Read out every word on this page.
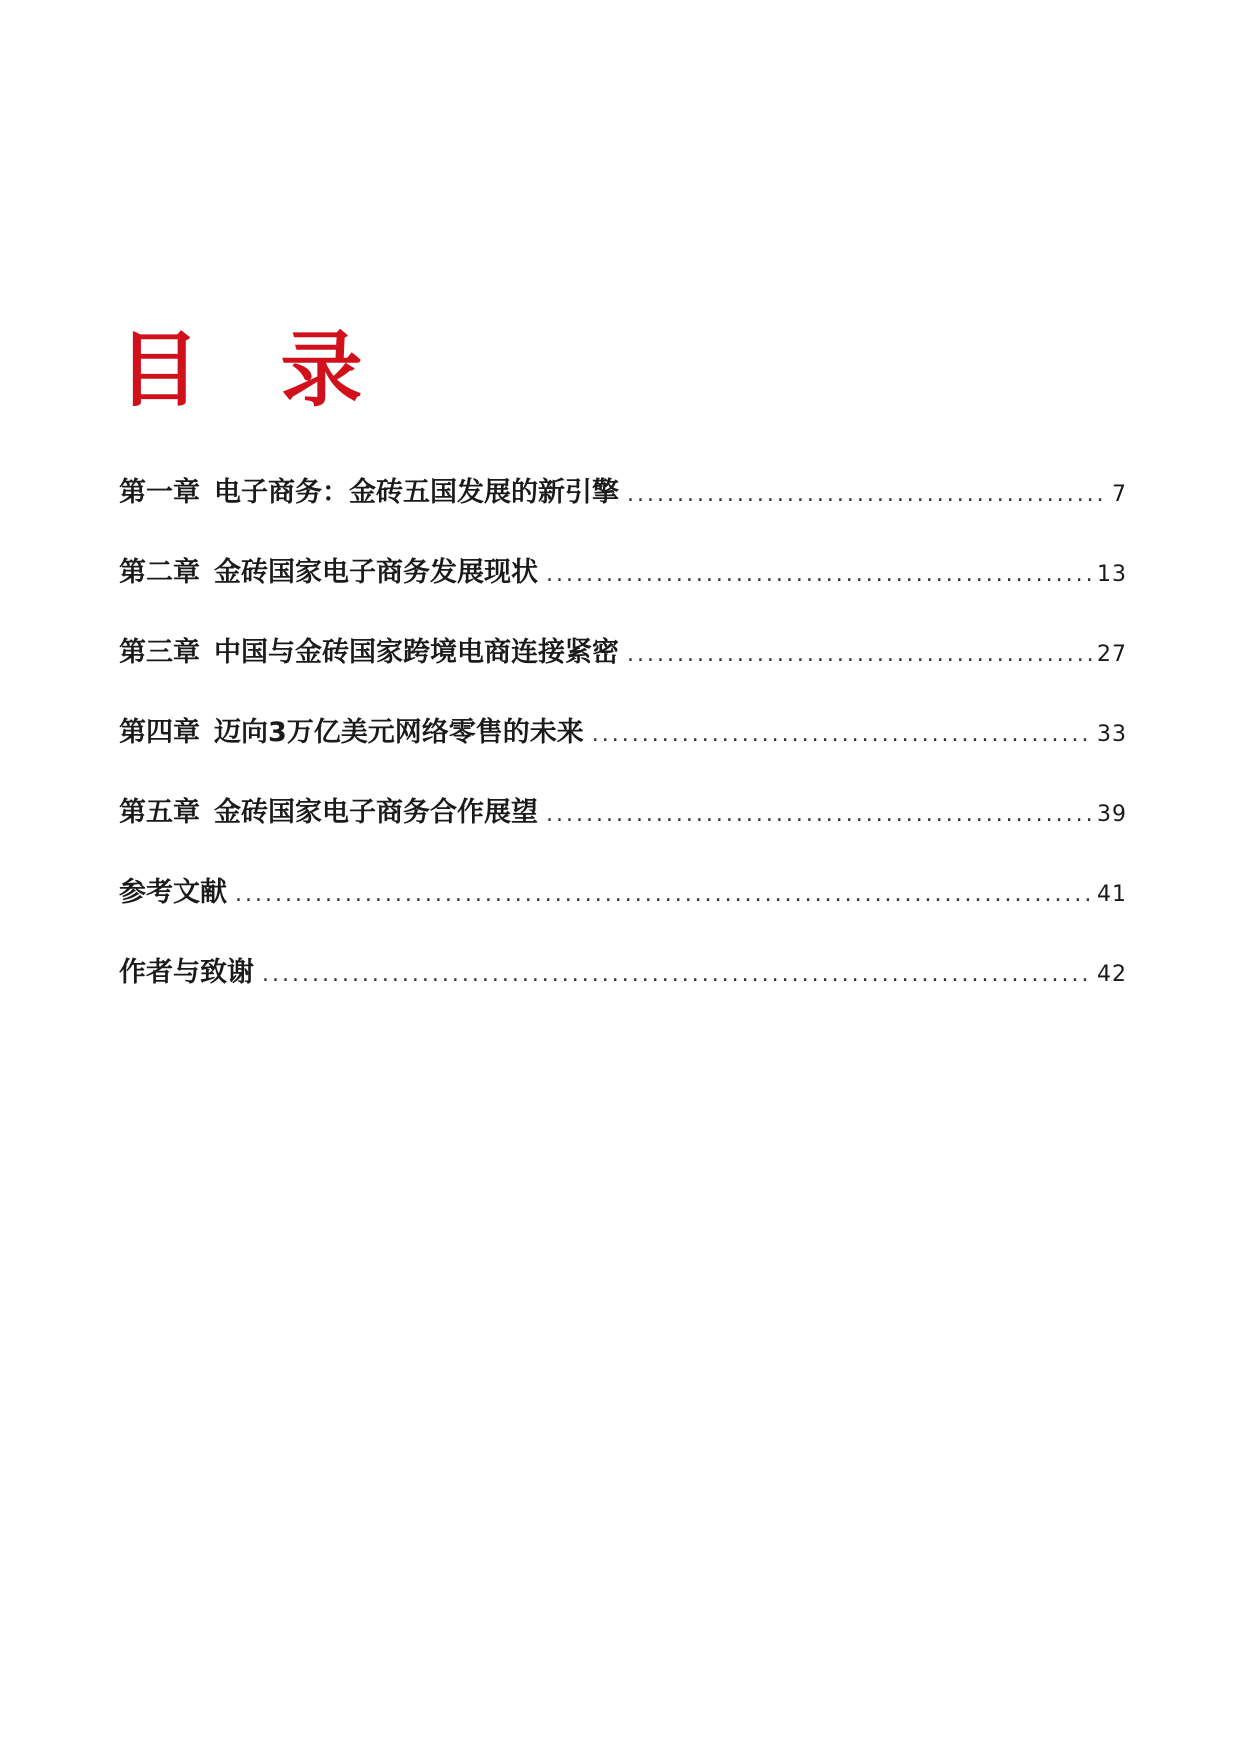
目 录
第一章 电子商务：金砖五国发展的新引擎 .....	7
第二章 金砖国家电子商务发展现状 .....	13
第三章 中国与金砖国家跨境电商连接紧密 .....	27
第四章 迈向3万亿美元网络零售的未来 .....	33
第五章 金砖国家电子商务合作展望 .....	39
参考文献 .....	41
作者与致谢 .....	42
